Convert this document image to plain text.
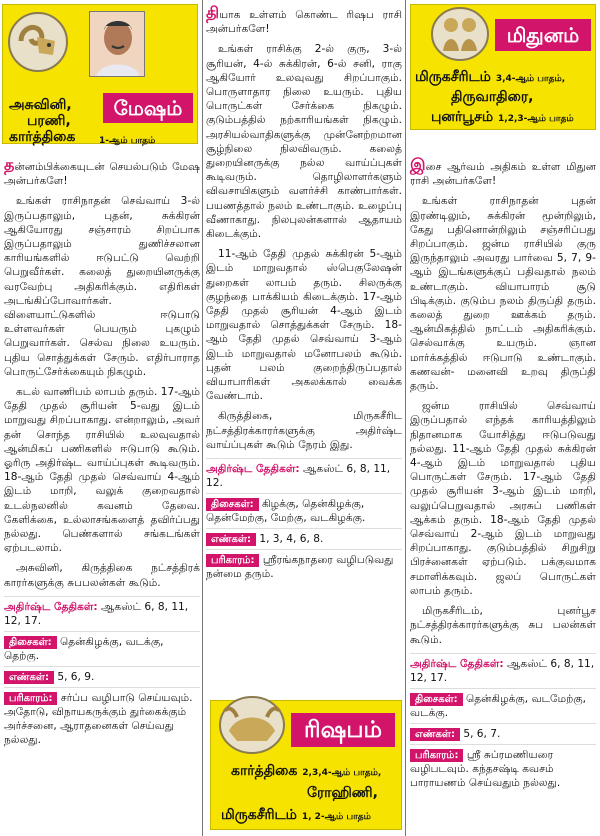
அசுவினி,
பரணி,
கார்த்திகை	1-ஆம் பாதம்
மேஷம்

தன்னம்பிக்கையுடன் செயல்படும் மேஷ அன்பர்களே!

உங்கள் ராசிநாதன் செவ்வாய் 3-ல் இருப்பதாலும், புதன், சுக்கிரன் ஆகியோரது சஞ்சாரம் சிறப்பாக இருப்பதாலும் துணிச்சலான காரியங்களில் ஈடுபட்டு வெற்றி பெறுவீர்கள். கலைத் துறையினருக்கு வரவேற்பு அதிகரிக்கும். எதிரிகள் அடங்கிப்போவார்கள். விளையாட்டுகளில் ஈடுபாடு உள்ளவர்கள் பெயரும் புகழும் பெறுவார்கள். செல்வ நிலை உயரும். புதிய சொத்துக்கள் சேரும். எதிர்பாராத பொருட்சேர்க்கையும் நிகழும்.

கடல் வாணிபம் லாபம் தரும். 17-ஆம் தேதி முதல் சூரியன் 5-வது இடம் மாறுவது சிறப்பாகாது. என்றாலும், அவர் தன் சொந்த ராசியில் உலவுவதால் ஆன்மிகப் பணிகளில் ஈடுபாடு கூடும். ஓரிரு அதிர்ஷ்ட வாய்ப்புகள் கூடிவரும். 18-ஆம் தேதி முதல் செவ்வாய் 4-ஆம் இடம் மாறி, வலுக் குறைவதால் உடல்நலனில் கவனம் தேவை. கேளிக்கை, உல்லாசங்களைத் தவிர்ப்பது நல்லது. பெண்களால் சங்கடங்கள் ஏற்படலாம்.

அசுவினி, கிருத்திகை நட்சத்திரக் காரர்களுக்கு சுபபலன்கள் கூடும்.

அதிர்ஷ்ட தேதிகள்: ஆகஸ்ட் 6, 8, 11, 12, 17.
திசைகள்: தென்கிழக்கு, வடக்கு, தெற்கு.
எண்கள்: 5, 6, 9.
பரிகாரம்: சர்ப்ப வழிபாடு செய்யவும். அதோடு, விநாயகருக்கும் துர்கைக்கும் அர்ச்சனை, ஆராதனைகள் செய்வது நல்லது.

தியாக உள்ளம் கொண்ட ரிஷப ராசி அன்பர்களே!

உங்கள் ராசிக்கு 2-ல் குரு, 3-ல் சூரியன், 4-ல் சுக்கிரன், 6-ல் சனி, ராகு ஆகியோர் உலவுவது சிறப்பாகும். பொருளாதார நிலை உயரும். புதிய பொருட்கள் சேர்க்கை நிகழும். குடும்பத்தில் நற்காரியங்கள் நிகழும். அரசியல்வாதிகளுக்கு முன்னேற்றமான சூழ்நிலை நிலவிவரும். கலைத் துறையினருக்கு நல்ல வாய்ப்புகள் கூடிவரும். தொழிலாளர்களும் விவசாயிகளும் வளர்ச்சி காண்பார்கள். பயணத்தால் நலம் உண்டாகும். உழைப்பு வீணாகாது. நிலபுலன்களால் ஆதாயம் கிடைக்கும்.

11-ஆம் தேதி முதல் சுக்கிரன் 5-ஆம் இடம் மாறுவதால் ஸ்பெகுலேஷன் துறைகள் லாபம் தரும். சிலருக்கு குழந்தை பாக்கியம் கிடைக்கும். 17-ஆம் தேதி முதல் சூரியன் 4-ஆம் இடம் மாறுவதால் சொத்துக்கள் சேரும். 18-ஆம் தேதி முதல் செவ்வாய் 3-ஆம் இடம் மாறுவதால் மனோபலம் கூடும். புதன் பலம் குறைந்திருப்பதால் வியாபாரிகள் அகலக்கால் வைக்க வேண்டாம்.

கிருத்திகை, மிருகசீரிட நட்சத்திரக்காரர்களுக்கு அதிர்ஷ்ட வாய்ப்புகள் கூடும் நேரம் இது.

அதிர்ஷ்ட தேதிகள்: ஆகஸ்ட் 6, 8, 11, 12.
திசைகள்: கிழக்கு, தென்கிழக்கு, தென்மேற்கு, மேற்கு, வடகிழக்கு.
எண்கள்: 1, 3, 4, 6, 8.
பரிகாரம்: ஸ்ரீரங்கநாதரை வழிபடுவது நன்மை தரும்.
ரிஷபம்
கார்த்திகை 2,3,4-ஆம் பாதம்,
ரோஹிணி,
மிருகசீரிடம் 1, 2-ஆம் பாதம்
மிதுனம்
மிருகசீரிடம் 3,4-ஆம் பாதம்,
திருவாதிரை,
புனர்பூசம் 1,2,3-ஆம் பாதம்

இசை ஆர்வம் அதிகம் உள்ள மிதுன ராசி அன்பர்களே!

உங்கள் ராசிநாதன் புதன் இரண்டிலும், சுக்கிரன் மூன்றிலும், கேது பதினொன்றிலும் சஞ்சரிப்பது சிறப்பாகும். ஜன்ம ராசியில் குரு இருந்தாலும் அவரது பார்வை 5, 7, 9-ஆம் இடங்களுக்குப் பதிவதால் நலம் உண்டாகும். வியாபாரம் சூடு பிடிக்கும். குடும்ப நலம் திருப்தி தரும். கலைத் துறை ஊக்கம் தரும். ஆன்மிகத்தில் நாட்டம் அதிகரிக்கும். செல்வாக்கு உயரும். ஞான மார்க்கத்தில் ஈடுபாடு உண்டாகும். கணவன்- மனைவி உறவு திருப்தி தரும்.

ஜன்ம ராசியில் செவ்வாய் இருப்பதால் எந்தக் காரியத்திலும் நிதானமாக யோசித்து ஈடுபடுவது நல்லது. 11-ஆம் தேதி முதல் சுக்கிரன் 4-ஆம் இடம் மாறுவதால் புதிய பொருட்கள் சேரும். 17-ஆம் தேதி முதல் சூரியன் 3-ஆம் இடம் மாறி, வலுப்பெறுவதால் அரசுப் பணிகள் ஆக்கம் தரும். 18-ஆம் தேதி முதல் செவ்வாய் 2-ஆம் இடம் மாறுவது சிறப்பாகாது. குடும்பத்தில் சிறுசிறு பிரச்னைகள் ஏற்படும். பக்குவமாக சமாளிக்கவும். ஜலப் பொருட்கள் லாபம் தரும்.

மிருகசீரிடம், புனர்பூச நட்சத்திரக்காரர்களுக்கு சுப பலன்கள் கூடும்.

அதிர்ஷ்ட தேதிகள்: ஆகஸ்ட் 6, 8, 11, 12, 17.
திசைகள்: தென்கிழக்கு, வடமேற்கு, வடக்கு.
எண்கள்: 5, 6, 7.
பரிகாரம்: ஸ்ரீ சுப்ரமணியரை வழிபடவும். கந்தசஷ்டி கவசம் பாராயணம் செய்வதும் நல்லது.
